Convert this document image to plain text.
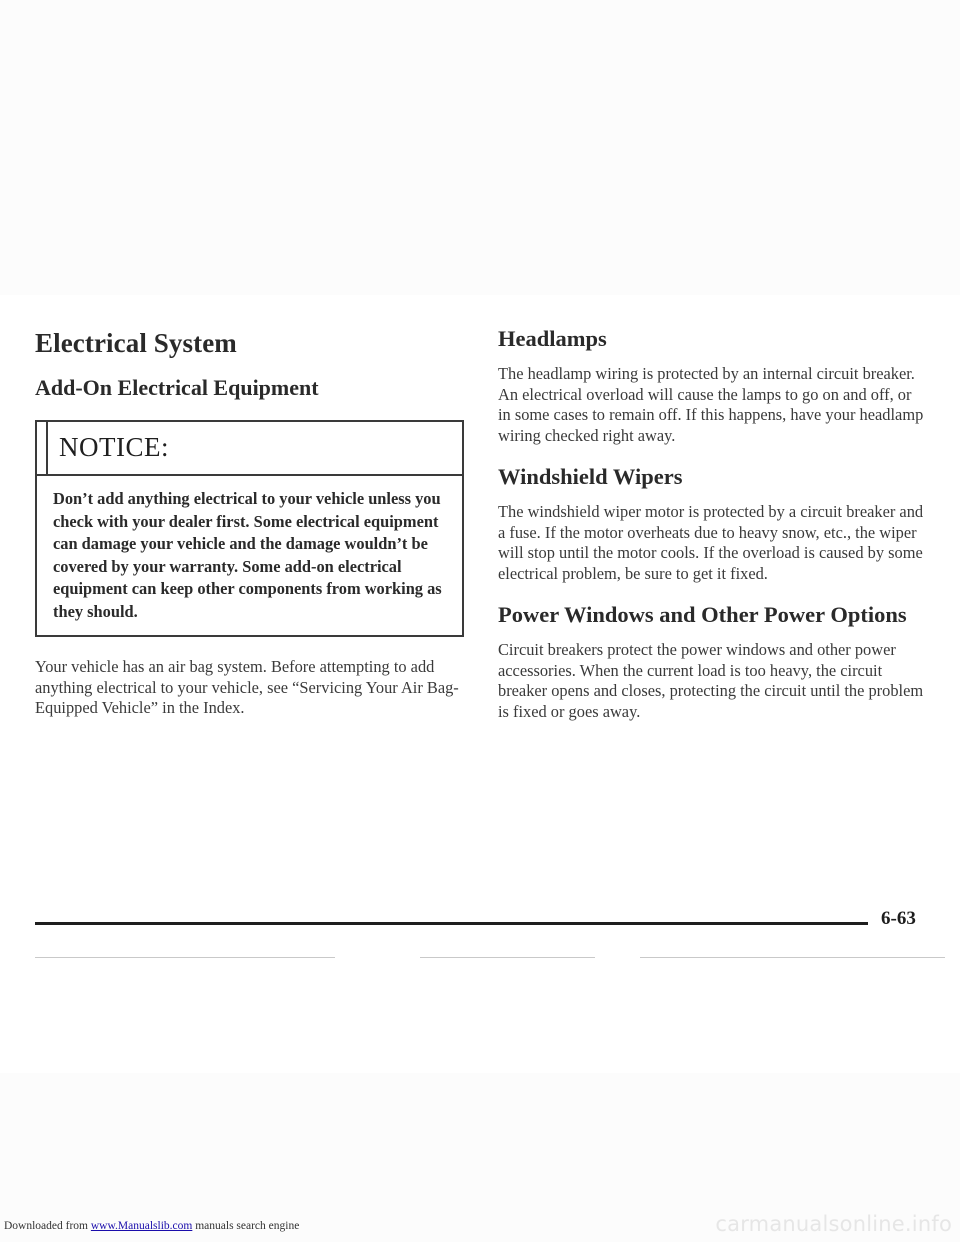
Electrical System
Add-On Electrical Equipment
NOTICE:
Don’t add anything electrical to your vehicle unless you check with your dealer first. Some electrical equipment can damage your vehicle and the damage wouldn’t be covered by your warranty. Some add-on electrical equipment can keep other components from working as they should.

Your vehicle has an air bag system. Before attempting to add anything electrical to your vehicle, see “Servicing Your Air Bag-Equipped Vehicle” in the Index.

Headlamps

The headlamp wiring is protected by an internal circuit breaker. An electrical overload will cause the lamps to go on and off, or in some cases to remain off. If this happens, have your headlamp wiring checked right away.

Windshield Wipers

The windshield wiper motor is protected by a circuit breaker and a fuse. If the motor overheats due to heavy snow, etc., the wiper will stop until the motor cools. If the overload is caused by some electrical problem, be sure to get it fixed.

Power Windows and Other Power Options

Circuit breakers protect the power windows and other power accessories. When the current load is too heavy, the circuit breaker opens and closes, protecting the circuit until the problem is fixed or goes away.

6-63
Downloaded from www.Manualslib.com manuals search engine	carmanualsonline.info
